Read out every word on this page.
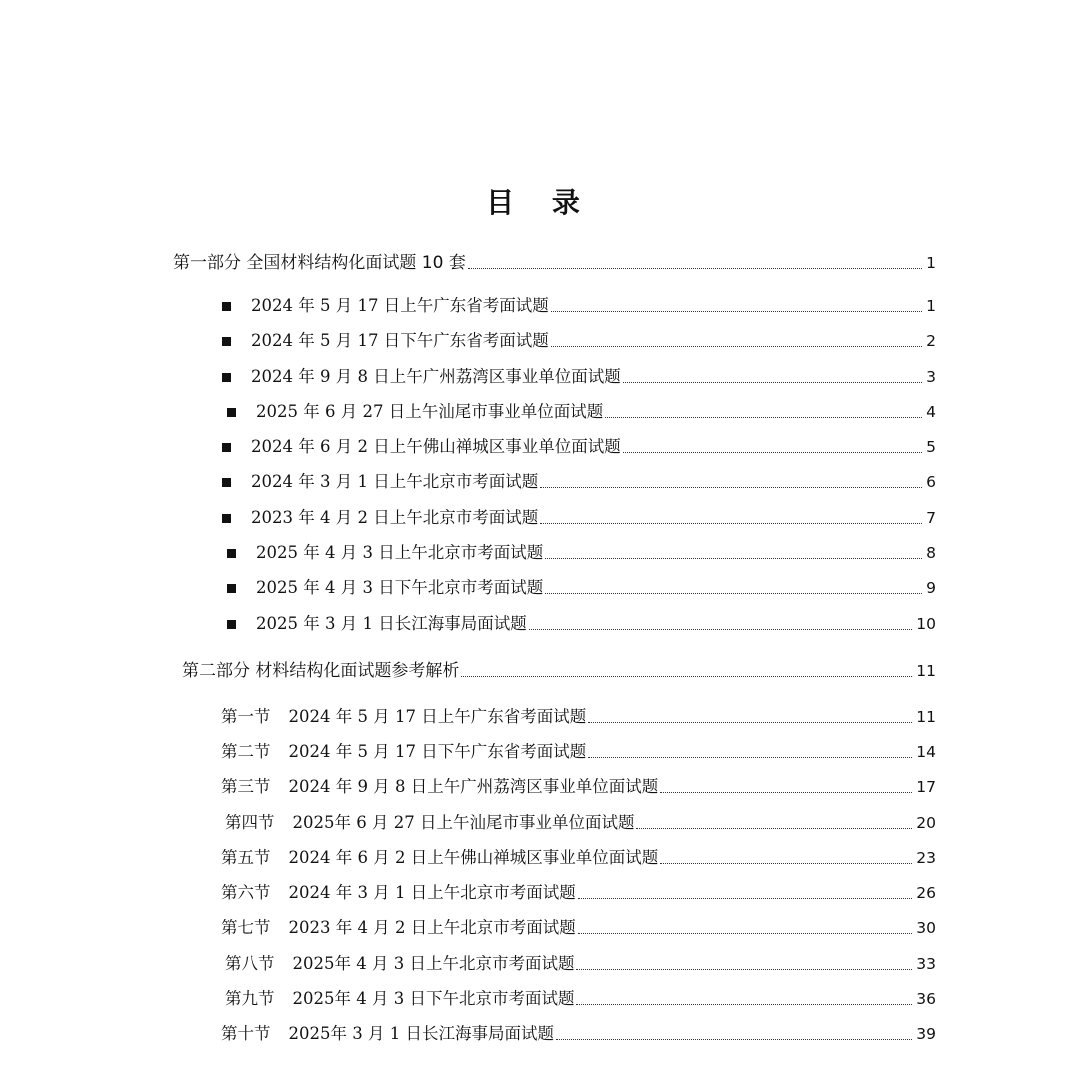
目 录
第一部分 全国材料结构化面试题 10 套	1
2024 年 5 月 17 日上午广东省考面试题	1
2024 年 5 月 17 日下午广东省考面试题	2
2024 年 9 月 8 日上午广州荔湾区事业单位面试题	3
2025 年 6 月 27 日上午汕尾市事业单位面试题	4
2024 年 6 月 2 日上午佛山禅城区事业单位面试题	5
2024 年 3 月 1 日上午北京市考面试题	6
2023 年 4 月 2 日上午北京市考面试题	7
2025 年 4 月 3 日上午北京市考面试题	8
2025 年 4 月 3 日下午北京市考面试题	9
2025 年 3 月 1 日长江海事局面试题	10
第二部分 材料结构化面试题参考解析	11
第一节 2024 年 5 月 17 日上午广东省考面试题	11
第二节 2024 年 5 月 17 日下午广东省考面试题	14
第三节 2024 年 9 月 8 日上午广州荔湾区事业单位面试题	17
第四节 2025年 6 月 27 日上午汕尾市事业单位面试题	20
第五节 2024 年 6 月 2 日上午佛山禅城区事业单位面试题	23
第六节 2024 年 3 月 1 日上午北京市考面试题	26
第七节 2023 年 4 月 2 日上午北京市考面试题	30
第八节 2025年 4 月 3 日上午北京市考面试题	33
第九节 2025年 4 月 3 日下午北京市考面试题	36
第十节 2025年 3 月 1 日长江海事局面试题	39
